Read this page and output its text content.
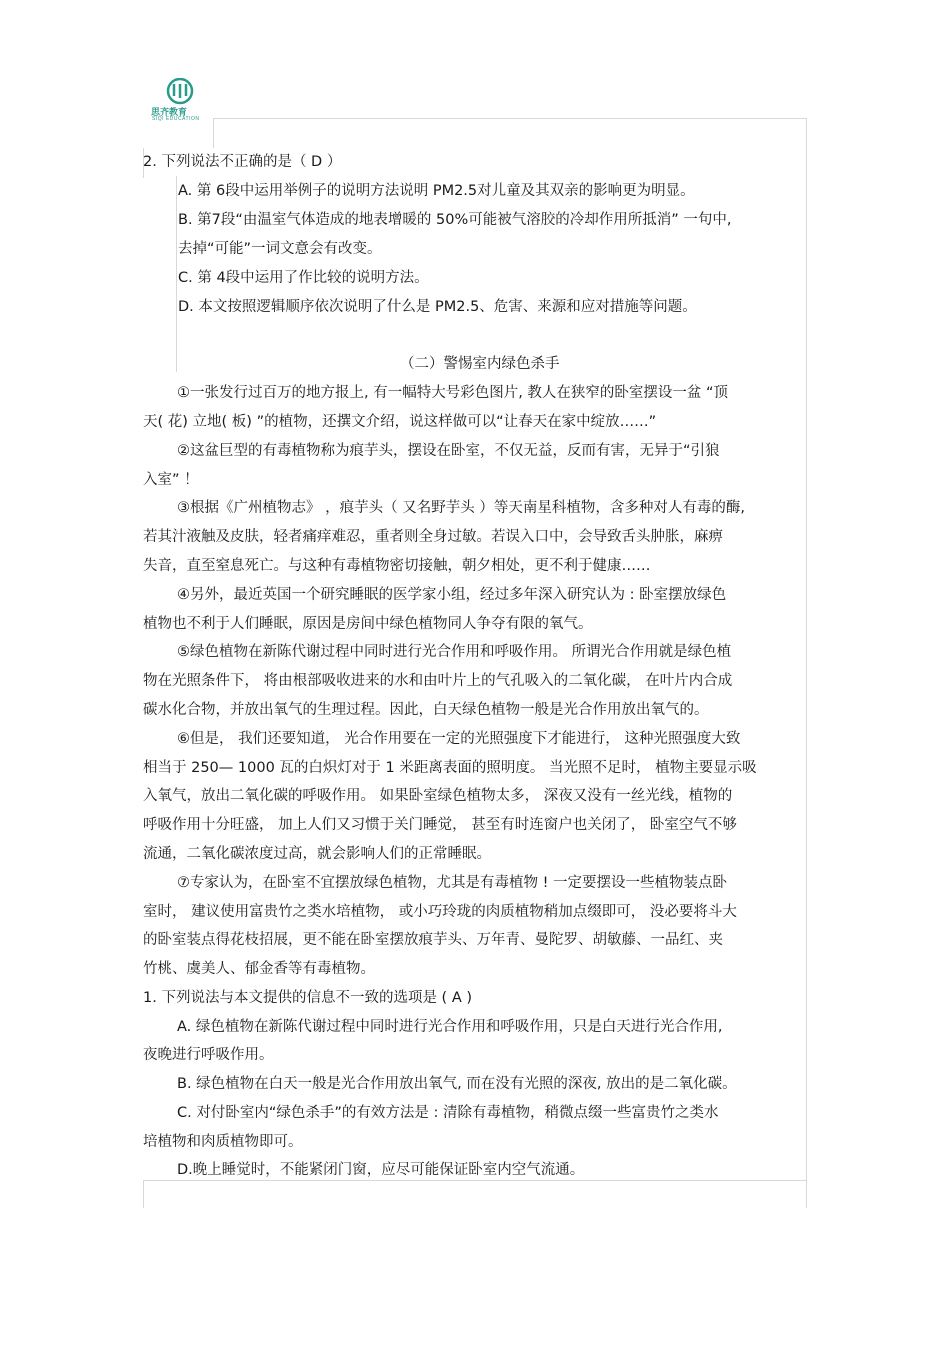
思齐教育
SIQI EDUCATION
2. 下列说法不正确的是（ D ）
A. 第 6段中运用举例子的说明方法说明 PM2.5对儿童及其双亲的影响更为明显。
B. 第7段“由温室气体造成的地表增暖的 50%可能被气溶胶的冷却作用所抵消” 一句中,
去掉“可能”一词文意会有改变。
C. 第 4段中运用了作比较的说明方法。
D. 本文按照逻辑顺序依次说明了什么是 PM2.5、危害、来源和应对措施等问题。
（二）警惕室内绿色杀手
①一张发行过百万的地方报上, 有一幅特大号彩色图片, 教人在狭窄的卧室摆设一盆 “顶
天( 花) 立地( 板) ”的植物，还撰文介绍，说这样做可以“让春天在家中绽放……”
②这盆巨型的有毒植物称为痕芋头，摆设在卧室，不仅无益，反而有害，无异于“引狼
入室” ！
③根据《广州植物志》 ，痕芋头（ 又名野芋头 ）等天南星科植物，含多种对人有毒的酶,
若其汁液触及皮肤，轻者痛痒难忍，重者则全身过敏。若误入口中，会导致舌头肿胀，麻痹
失音，直至窒息死亡。与这种有毒植物密切接触，朝夕相处，更不利于健康……
④另外，最近英国一个研究睡眠的医学家小组，经过多年深入研究认为 : 卧室摆放绿色
植物也不利于人们睡眠，原因是房间中绿色植物同人争夺有限的氧气。
⑤绿色植物在新陈代谢过程中同时进行光合作用和呼吸作用。 所谓光合作用就是绿色植
物在光照条件下， 将由根部吸收进来的水和由叶片上的气孔吸入的二氧化碳， 在叶片内合成
碳水化合物，并放出氧气的生理过程。因此，白天绿色植物一般是光合作用放出氧气的。
⑥但是， 我们还要知道， 光合作用要在一定的光照强度下才能进行， 这种光照强度大致
相当于 250— 1000 瓦的白炽灯对于 1 米距离表面的照明度。 当光照不足时， 植物主要显示吸
入氧气，放出二氧化碳的呼吸作用。 如果卧室绿色植物太多， 深夜又没有一丝光线，植物的
呼吸作用十分旺盛， 加上人们又习惯于关门睡觉， 甚至有时连窗户也关闭了， 卧室空气不够
流通，二氧化碳浓度过高，就会影响人们的正常睡眠。
⑦专家认为，在卧室不宜摆放绿色植物，尤其是有毒植物 ! 一定要摆设一些植物装点卧
室时， 建议使用富贵竹之类水培植物， 或小巧玲珑的肉质植物稍加点缀即可， 没必要将斗大
的卧室装点得花枝招展，更不能在卧室摆放痕芋头、万年青、曼陀罗、胡敏藤、一品红、夹
竹桃、虞美人、郁金香等有毒植物。
1. 下列说法与本文提供的信息不一致的选项是 ( A )
A. 绿色植物在新陈代谢过程中同时进行光合作用和呼吸作用，只是白天进行光合作用,
夜晚进行呼吸作用。
B. 绿色植物在白天一般是光合作用放出氧气, 而在没有光照的深夜, 放出的是二氧化碳。
C. 对付卧室内“绿色杀手”的有效方法是 : 清除有毒植物，稍微点缀一些富贵竹之类水
培植物和肉质植物即可。
D.晚上睡觉时，不能紧闭门窗，应尽可能保证卧室内空气流通。
